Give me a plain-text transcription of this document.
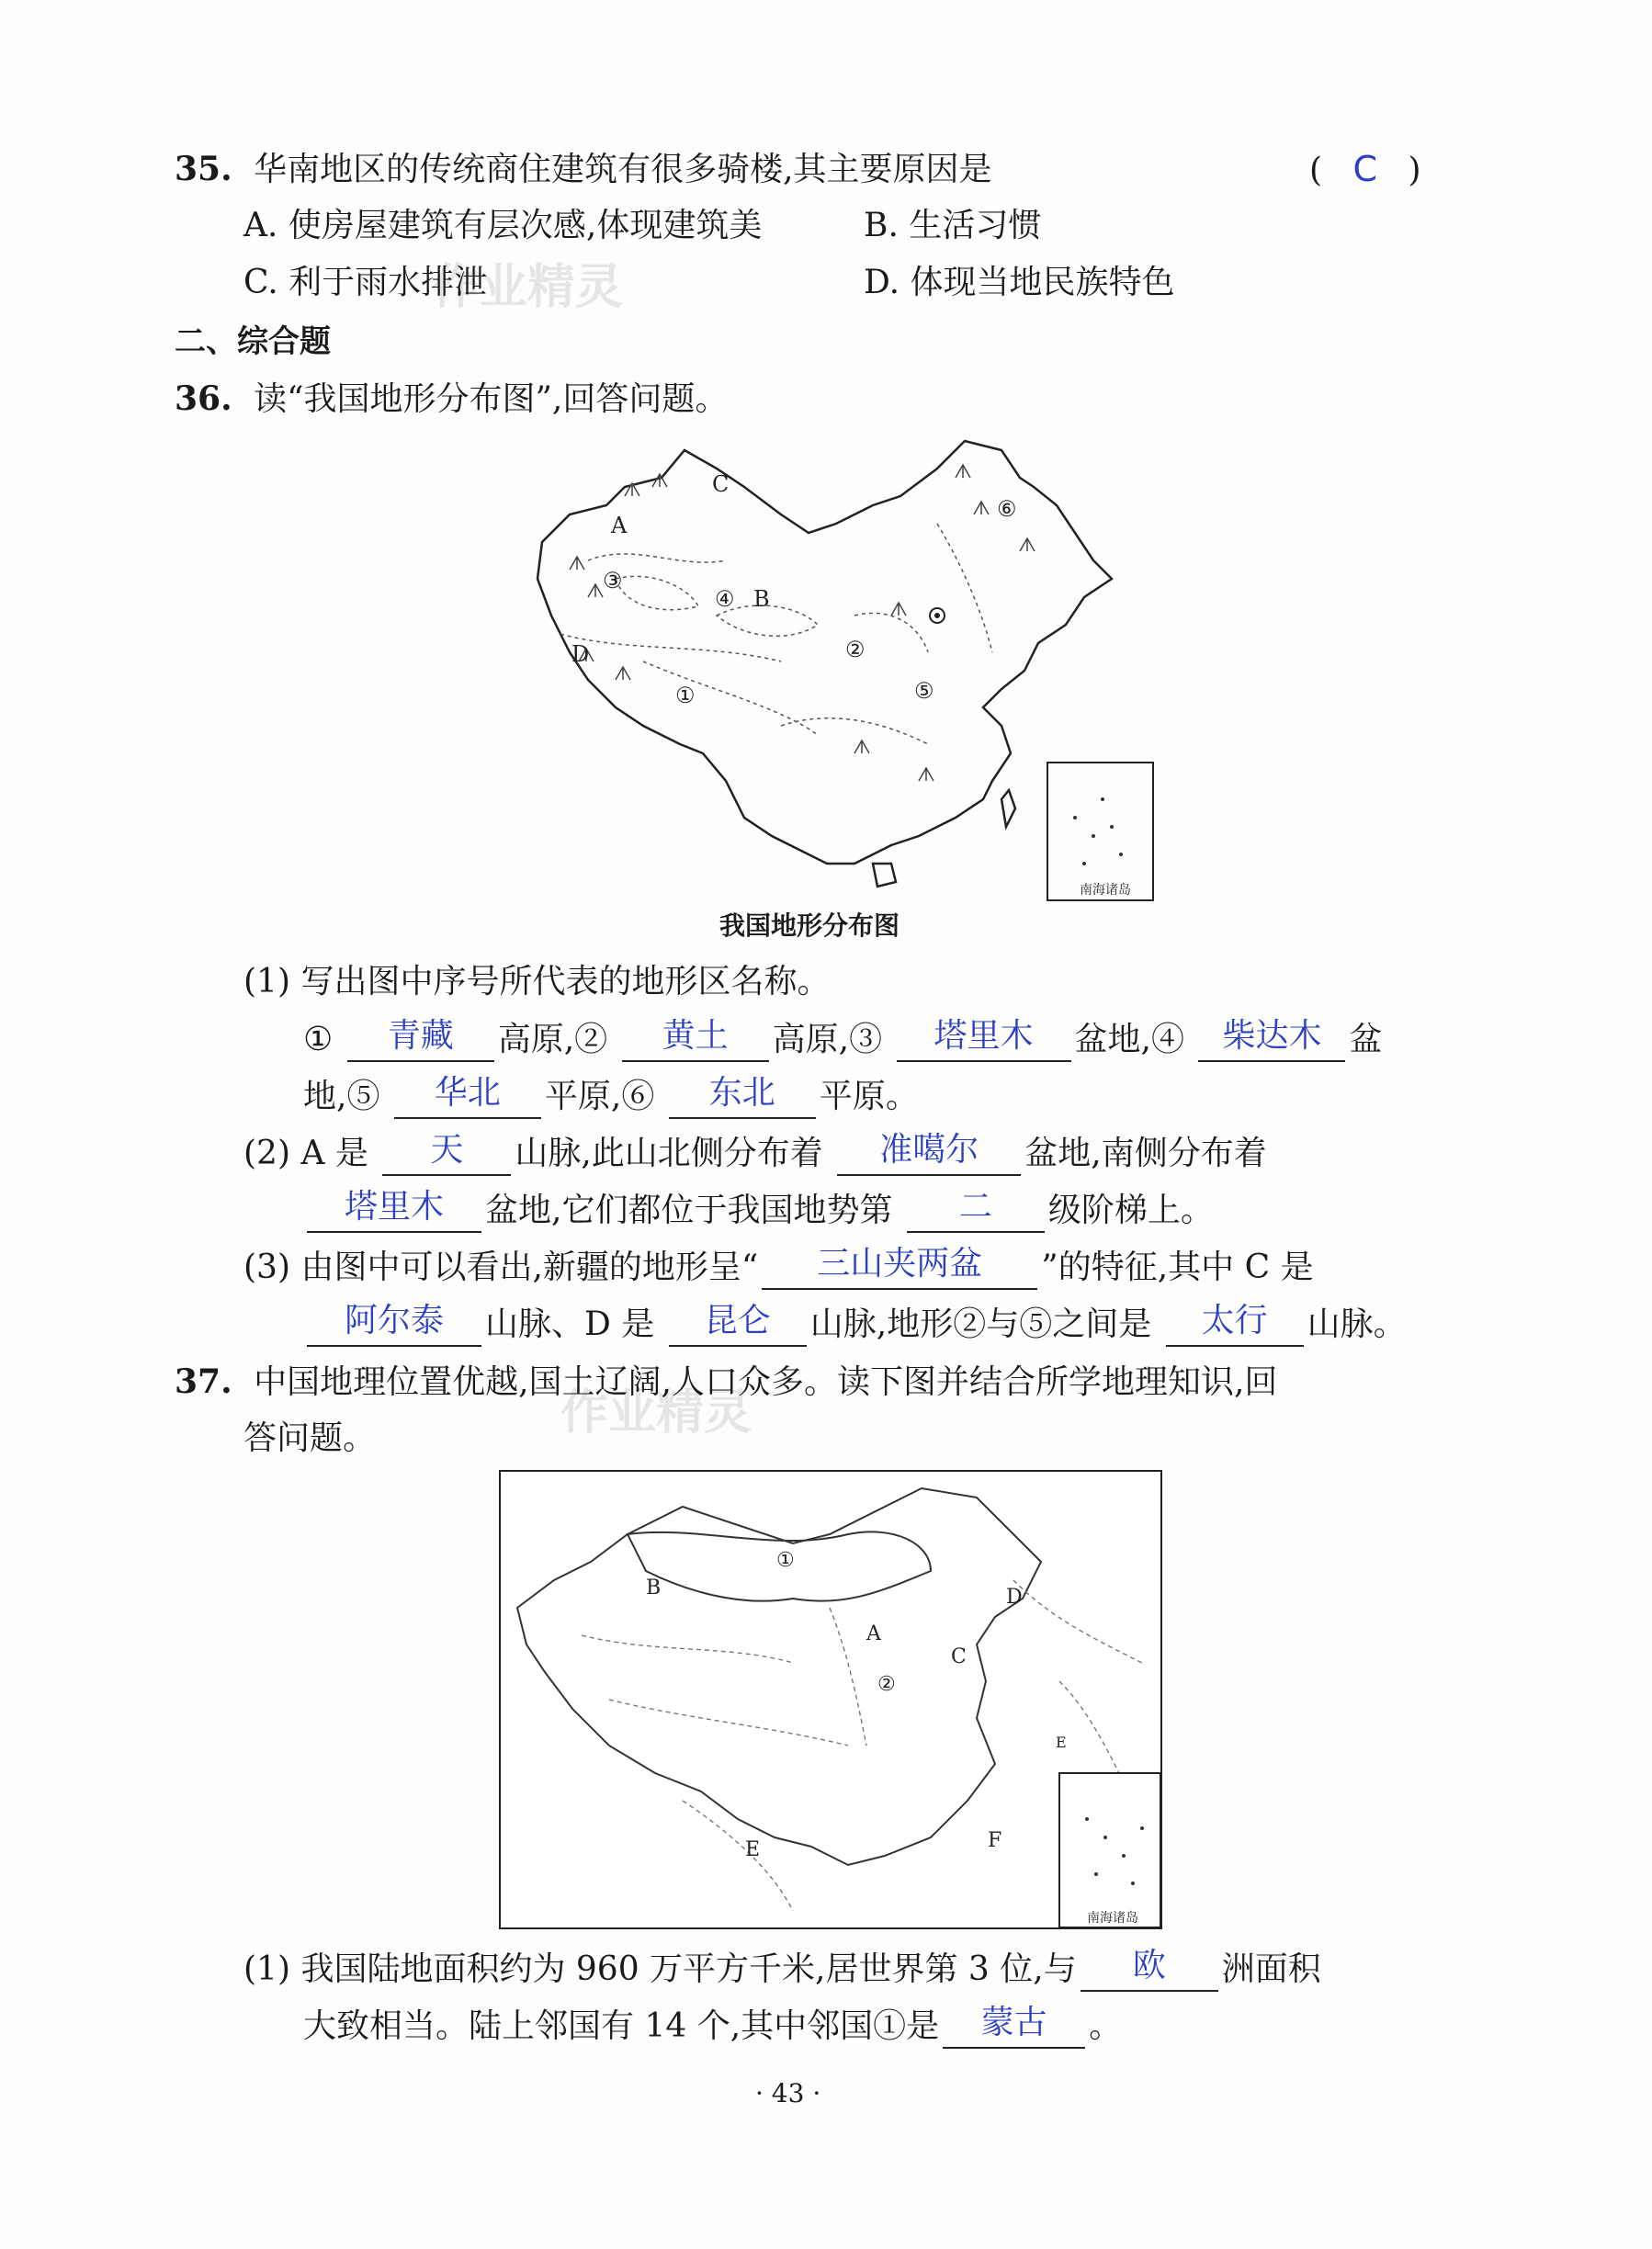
作业精灵
作业精灵
35. 华南地区的传统商住建筑有很多骑楼,其主要原因是	( C )
A. 使房屋建筑有层次感,体现建筑美	B. 生活习惯
C. 利于雨水排泄	D. 体现当地民族特色
二、综合题
36. 读“我国地形分布图”,回答问题。
A
C
B
D
③
④
②
①	⑤
⑥
南海诸岛
我国地形分布图
(1) 写出图中序号所代表的地形区名称。
①	青藏	高原,②	黄土	高原,③	塔里木	盆地,④	柴达木 盆
地,⑤	华北	平原,⑥	东北	平原。
(2) A 是	天	山脉,此山北侧分布着	准噶尔	盆地,南侧分布着
塔里木	盆地,它们都位于我国地势第	二	级阶梯上。
(3) 由图中可以看出,新疆的地形呈“	三山夹两盆	”的特征,其中 C 是
阿尔泰	山脉、D 是	昆仑	山脉,地形②与⑤之间是	太行	山脉。
37. 中国地理位置优越,国土辽阔,人口众多。读下图并结合所学地理知识,回
答问题。
①
B
A
C
D
②
E	F
E
南海诸岛
(1) 我国陆地面积约为 960 万平方千米,居世界第 3 位,与	欧	洲面积
大致相当。陆上邻国有 14 个,其中邻国①是	蒙古	。
· 43 ·
